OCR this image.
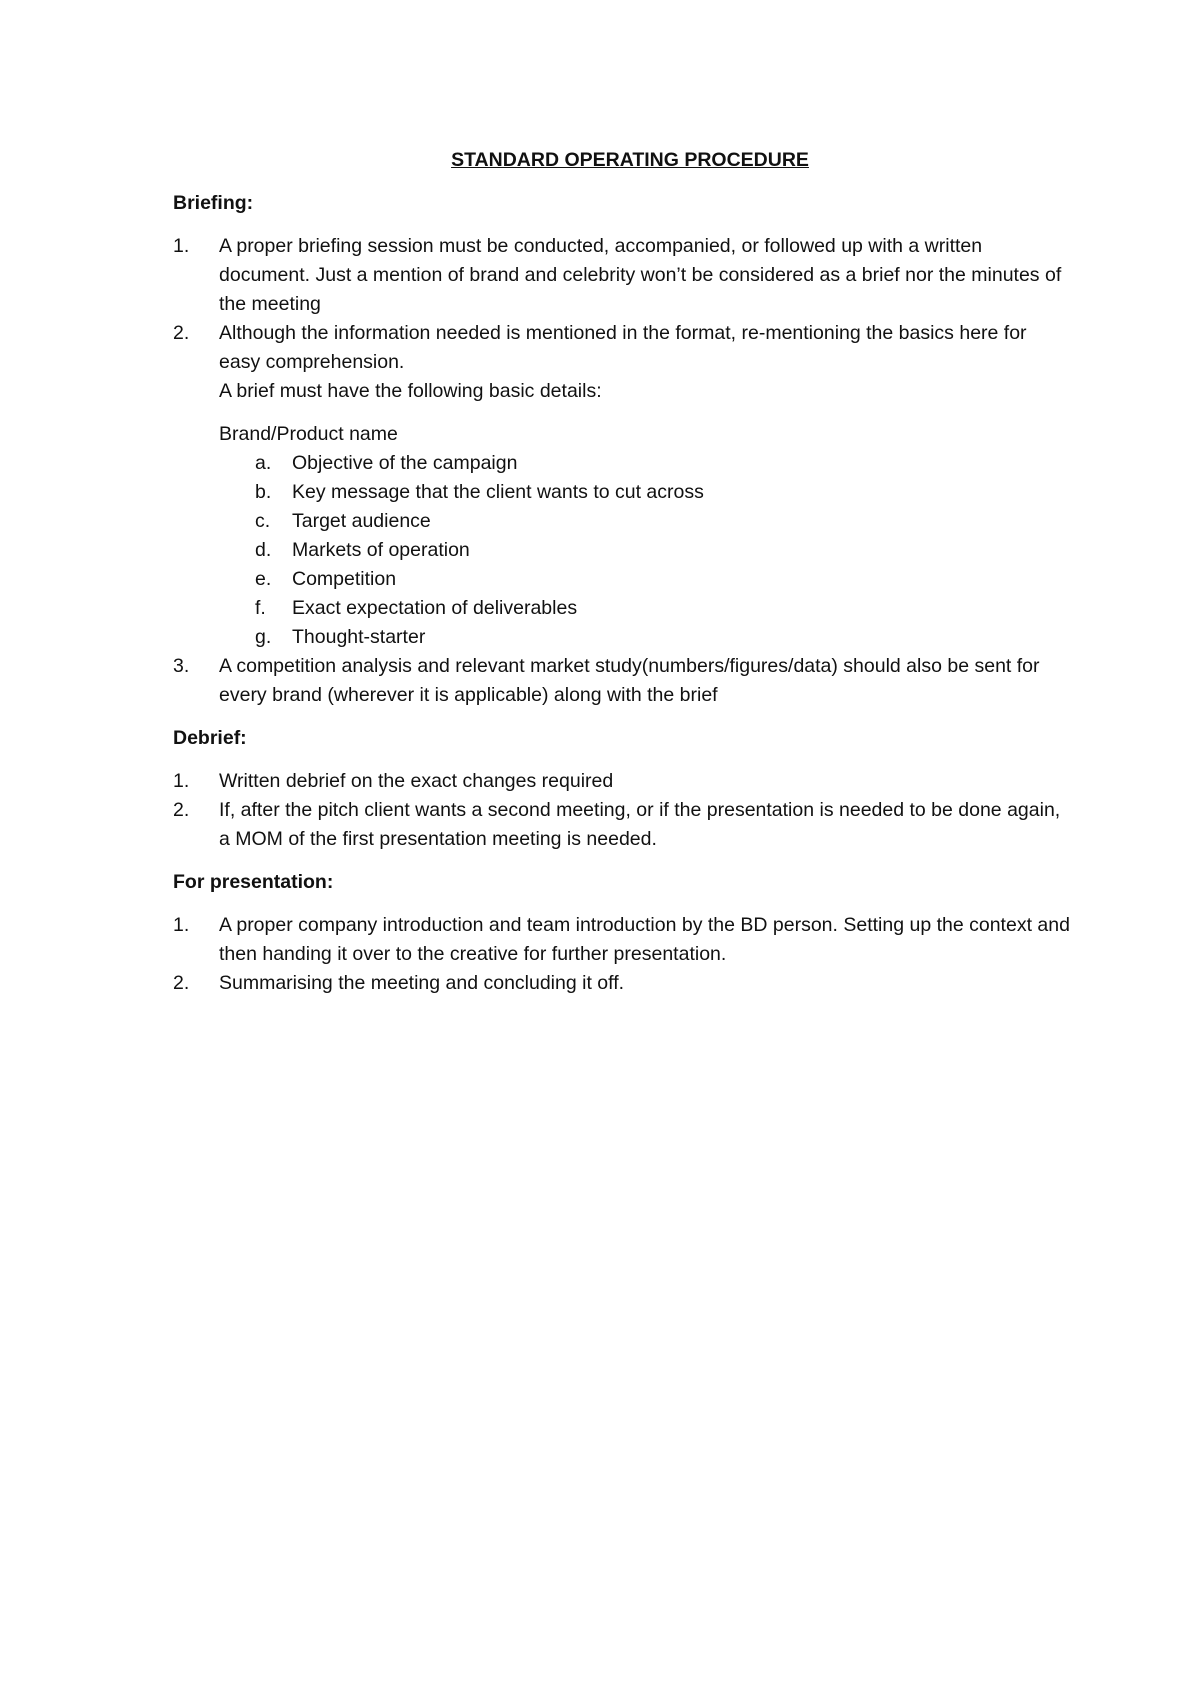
STANDARD OPERATING PROCEDURE
Briefing:
1. A proper briefing session must be conducted, accompanied, or followed up with a written document. Just a mention of brand and celebrity won’t be considered as a brief nor the minutes of the meeting
2. Although the information needed is mentioned in the format, re-mentioning the basics here for easy comprehension.
A brief must have the following basic details:
Brand/Product name
a. Objective of the campaign
b. Key message that the client wants to cut across
c. Target audience
d. Markets of operation
e. Competition
f. Exact expectation of deliverables
g. Thought-starter
3. A competition analysis and relevant market study(numbers/figures/data) should also be sent for every brand (wherever it is applicable) along with the brief
Debrief:
1. Written debrief on the exact changes required
2. If, after the pitch client wants a second meeting, or if the presentation is needed to be done again, a MOM of the first presentation meeting is needed.
For presentation:
1. A proper company introduction and team introduction by the BD person. Setting up the context and then handing it over to the creative for further presentation.
2. Summarising the meeting and concluding it off.
